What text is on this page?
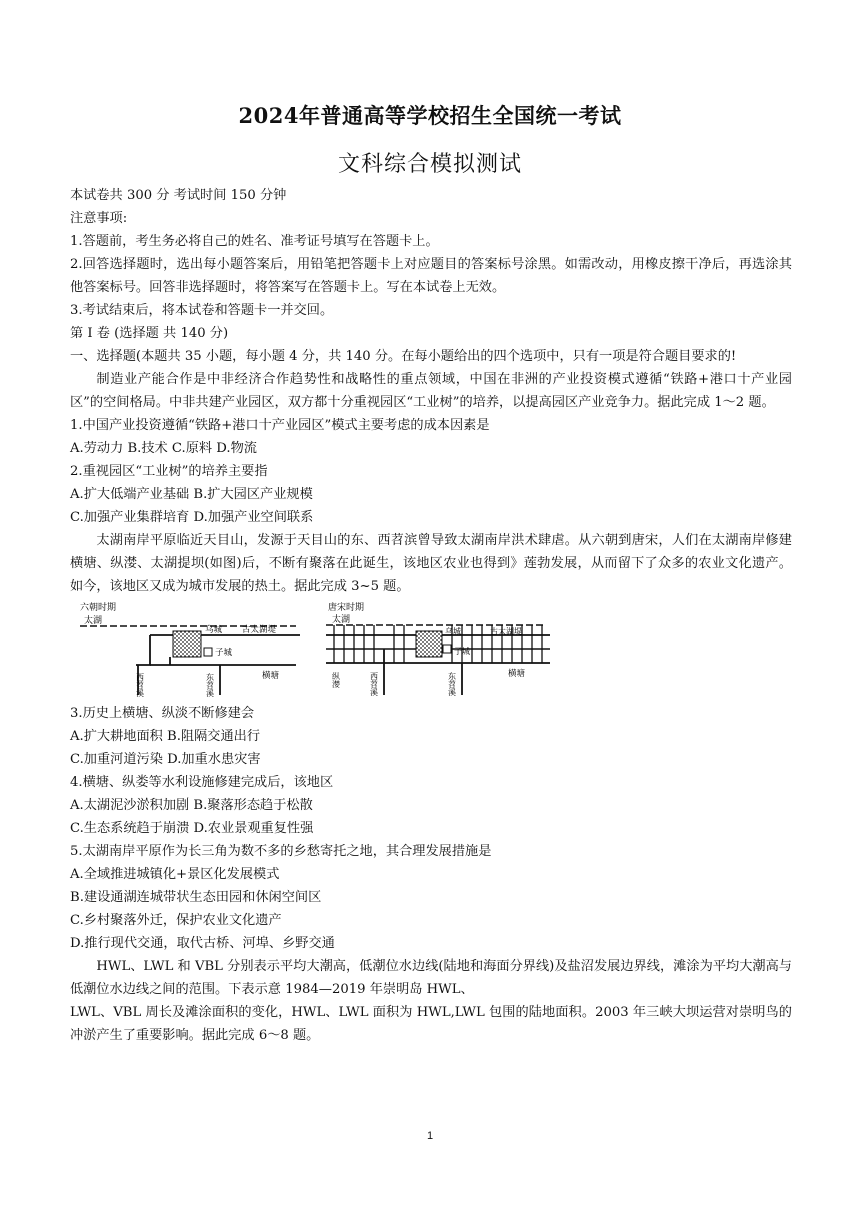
2024年普通高等学校招生全国统一考试
文科综合模拟测试

本试卷共 300 分 考试时间 150 分钟

注意事项:

1.答题前，考生务必将自己的姓名、准考证号填写在答题卡上。

2.回答选择题时，选出每小题答案后，用铅笔把答题卡上对应题目的答案标号涂黑。如需改动，用橡皮擦干净后，再选涂其他答案标号。回答非选择题时，将答案写在答题卡上。写在本试卷上无效。

3.考试结束后，将本试卷和答题卡一并交回。

第 I 卷 (选择题 共 140 分)

一、选择题(本题共 35 小题，每小题 4 分，共 140 分。在每小题给出的四个选项中，只有一项是符合题目要求的!

制造业产能合作是中非经济合作趋势性和战略性的重点领域，中国在非洲的产业投资模式遵循“铁路+港口十产业园区”的空间格局。中非共建产业园区，双方都十分重视园区“工业树”的培养，以提高园区产业竞争力。据此完成 1～2 题。

1.中国产业投资遵循“铁路+港口十产业园区”模式主要考虑的成本因素是

A.劳动力 B.技术 C.原料 D.物流

2.重视园区“工业树”的培养主要指

A.扩大低端产业基础 B.扩大园区产业规模

C.加强产业集群培育 D.加强产业空间联系

太湖南岸平原临近天目山，发源于天目山的东、西苕滨曾导致太湖南岸洪术肆虐。从六朝到唐宋，人们在太湖南岸修建横塘、纵漤、太湖提坝(如图)后，不断有聚落在此诞生，该地区农业也得到》莲勃发展，从而留下了众多的农业文化遗产。如今，该地区又成为城市发展的热土。据此完成 3~5 题。

六朝时期
太湖
乌城 古太湖堤
子城
横塘
西苕溪	东苕溪
唐宋时期
太湖
乌城	古太湖堤
子城
横塘
纵漤	西苕溪	东苕溪

3.历史上横塘、纵淡不断修建会

A.扩大耕地面积 B.阻隔交通出行

C.加重河道污染 D.加重水患灾害

4.横塘、纵娄等水利设施修建完成后，该地区

A.太湖泥沙淤积加剧 B.聚落形态趋于松散

C.生态系统趋于崩溃 D.农业景观重复性强

5.太湖南岸平原作为长三角为数不多的乡愁寄托之地，其合理发展措施是

A.全域推进城镇化+景区化发展模式

B.建设通湖连城带状生态田园和休闲空间区

C.乡村聚落外迁，保护农业文化遗产

D.推行现代交通，取代古桥、河埠、乡野交通

HWL、LWL 和 VBL 分别表示平均大潮高，低潮位水边线(陆地和海面分界线)及盐沼发展边界线，滩涂为平均大潮高与低潮位水边线之间的范围。下表示意 1984—2019 年崇明岛 HWL、

LWL、VBL 周长及滩涂面积的变化，HWL、LWL 面积为 HWL,LWL 包围的陆地面积。2003 年三峡大坝运营对崇明鸟的冲淤产生了重要影响。据此完成 6～8 题。

1
